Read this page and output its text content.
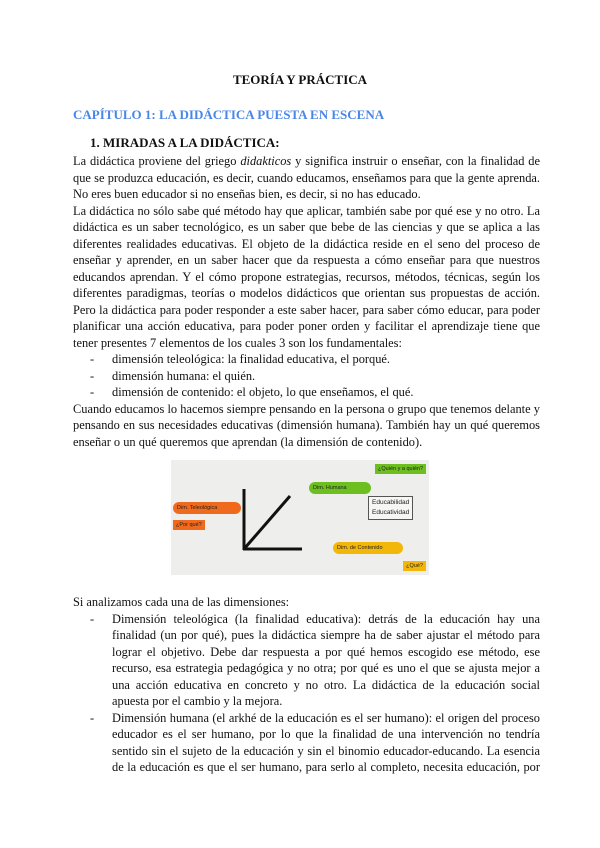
TEORÍA Y PRÁCTICA
CAPÍTULO 1: LA DIDÁCTICA PUESTA EN ESCENA
1. MIRADAS A LA DIDÁCTICA:
La didáctica proviene del griego didakticos y significa instruir o enseñar, con la finalidad de
que se produzca educación, es decir, cuando educamos, enseñamos para que la gente aprenda.
No eres buen educador si no enseñas bien, es decir, si no has educado.
La didáctica no sólo sabe qué método hay que aplicar, también sabe por qué ese y no otro. La
didáctica es un saber tecnológico, es un saber que bebe de las ciencias y que se aplica a las
diferentes realidades educativas. El objeto de la didáctica reside en el seno del proceso de
enseñar y aprender, en un saber hacer que da respuesta a cómo enseñar para que nuestros
educandos aprendan. Y el cómo propone estrategias, recursos, métodos, técnicas, según los
diferentes paradigmas, teorías o modelos didácticos que orientan sus propuestas de acción.
Pero la didáctica para poder responder a este saber hacer, para saber cómo educar, para poder
planificar una acción educativa, para poder poner orden y facilitar el aprendizaje tiene que
tener presentes 7 elementos de los cuales 3 son los fundamentales:
- dimensión teleológica: la finalidad educativa, el porqué.
- dimensión humana: el quién.
- dimensión de contenido: el objeto, lo que enseñamos, el qué.
Cuando educamos lo hacemos siempre pensando en la persona o grupo que tenemos delante y
pensando en sus necesidades educativas (dimensión humana). También hay un qué queremos
enseñar o un qué queremos que aprendan (la dimensión de contenido).
¿Quién y a quién?
Dim. Humana
Dim. Teleológica
¿Por qué?
Educabilidad
Educatividad
Dim. de Contenido
¿Qué?
Si analizamos cada una de las dimensiones:
- Dimensión teleológica (la finalidad educativa): detrás de la educación hay una
finalidad (un por qué), pues la didáctica siempre ha de saber ajustar el método para
lograr el objetivo. Debe dar respuesta a por qué hemos escogido ese método, ese
recurso, esa estrategia pedagógica y no otra; por qué es uno el que se ajusta mejor a
una acción educativa en concreto y no otro. La didáctica de la educación social
apuesta por el cambio y la mejora.
- Dimensión humana (el arkhé de la educación es el ser humano): el origen del proceso
educador es el ser humano, por lo que la finalidad de una intervención no tendría
sentido sin el sujeto de la educación y sin el binomio educador-educando. La esencia
de la educación es que el ser humano, para serlo al completo, necesita educación, por
